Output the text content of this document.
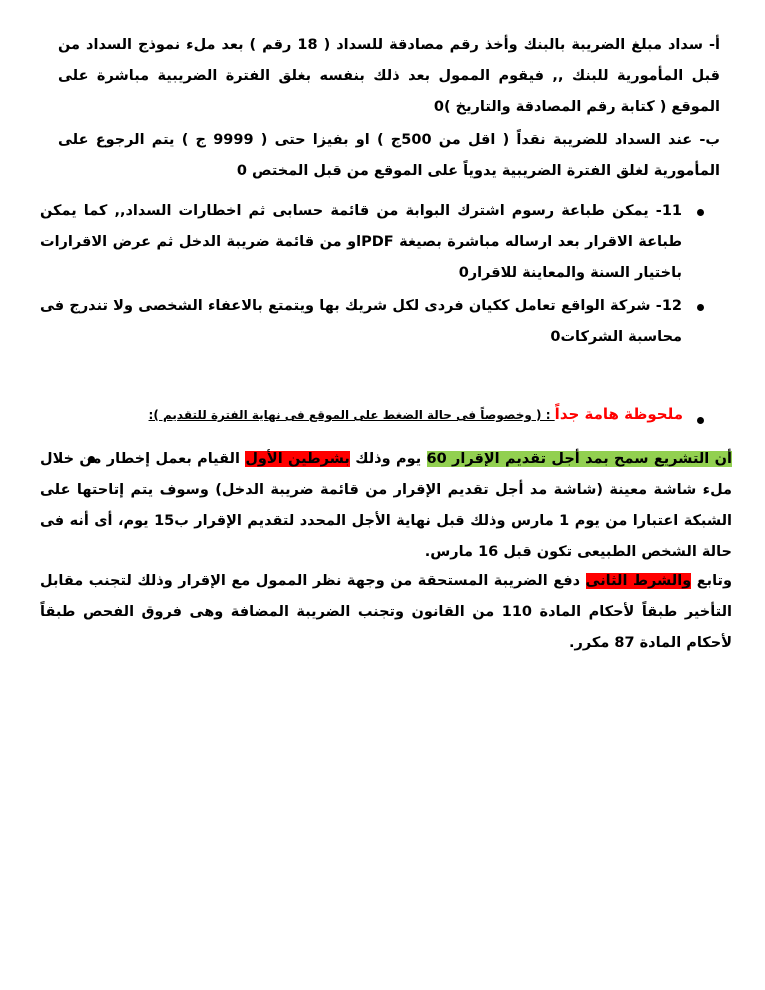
أ- سداد مبلغ الضريبة بالبنك وأخذ رقم مصادقة للسداد ( 18 رقم ) بعد ملء نموذج السداد من قبل المأمورية للبنك ,, فيقوم الممول بعد ذلك بنفسه بغلق الفترة الضريبية مباشرة على الموقع ( كتابة رقم المصادقة والتاريخ )0
ب- عند السداد للضريبة نقداً ( اقل من 500ج ) او بفيزا حتى ( 9999 ج ) يتم الرجوع على المأمورية لغلق الفترة الضريبية يدوياً على الموقع من قبل المختص 0
11- يمكن طباعة رسوم اشترك البوابة من قائمة حسابى ثم اخطارات السداد,, كما يمكن طباعة الاقرار بعد ارساله مباشرة بصيغة PDFاو من قائمة ضريبة الدخل ثم عرض الاقرارات باختيار السنة والمعاينة للاقرار0
12- شركة الواقع تعامل ككيان فردى لكل شريك بها ويتمتع بالاعفاء الشخصى ولا تندرج فى محاسبة الشركات0
ملحوظة هامة جداً : ( وخصوصاً فى حالة الضغط على الموقع فى نهاية الفترة للتقديم ):
أن التشريع سمح بمد أجل تقديم الإقرار 60 يوم وذلك بشرطين الأول القيام بعمل إخطار من خلال ملء شاشة معينة (شاشة مد أجل تقديم الإقرار من قائمة ضريبة الدخل) وسوف يتم إتاحتها على الشبكة اعتبارا من يوم 1 مارس وذلك قبل نهاية الأجل المحدد لتقديم الإقرار ب15 يوم، أى أنه فى حالة الشخص الطبيعى تكون قبل 16 مارس.
وتابع والشرط الثانى دفع الضريبة المستحقة من وجهة نظر الممول مع الإقرار وذلك لتجنب مقابل التأخير طبقاً لأحكام المادة 110 من القانون وتجنب الضريبة المضافة وهى فروق الفحص طبقاً لأحكام المادة 87 مكرر.
